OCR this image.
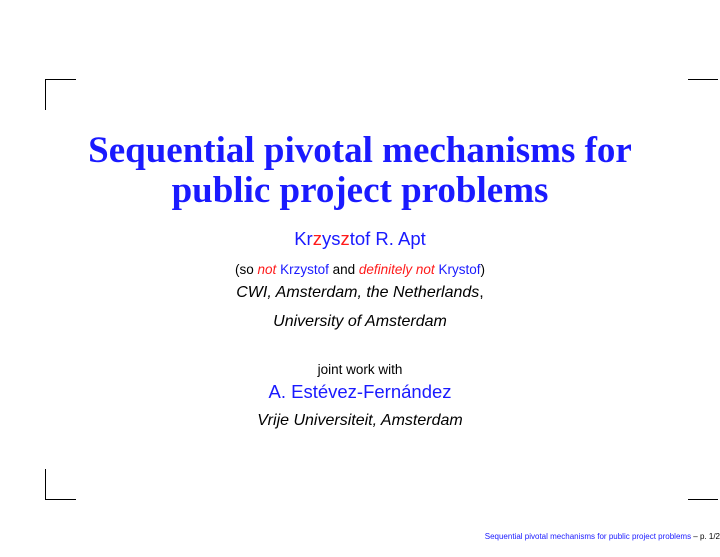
Sequential pivotal mechanisms for
public project problems
Krzysztof R. Apt
(so not Krzystof and definitely not Krystof)
CWI, Amsterdam, the Netherlands,
University of Amsterdam
joint work with
A. Estévez-Fernández
Vrije Universiteit, Amsterdam
Sequential pivotal mechanisms for public project problems – p. 1/2
